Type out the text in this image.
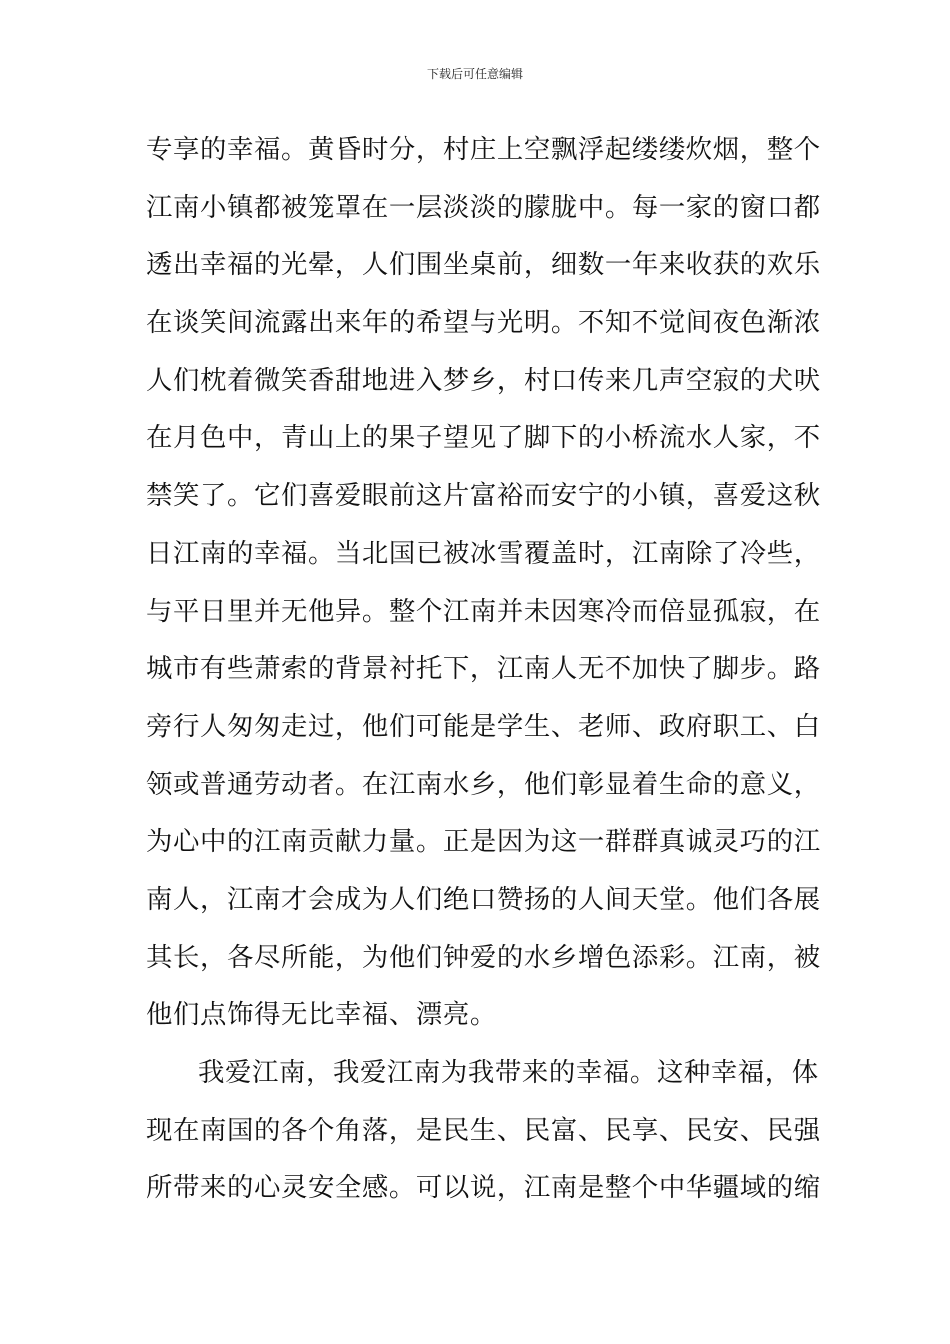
下载后可任意编辑
专享的幸福。黄昏时分，村庄上空飘浮起缕缕炊烟，整个
江南小镇都被笼罩在一层淡淡的朦胧中。每一家的窗口都
透出幸福的光晕，人们围坐桌前，细数一年来收获的欢乐
在谈笑间流露出来年的希望与光明。不知不觉间夜色渐浓
人们枕着微笑香甜地进入梦乡，村口传来几声空寂的犬吠
在月色中，青山上的果子望见了脚下的小桥流水人家，不
禁笑了。它们喜爱眼前这片富裕而安宁的小镇，喜爱这秋
日江南的幸福。当北国已被冰雪覆盖时，江南除了冷些，
与平日里并无他异。整个江南并未因寒冷而倍显孤寂，在
城市有些萧索的背景衬托下，江南人无不加快了脚步。路
旁行人匆匆走过，他们可能是学生、老师、政府职工、白
领或普通劳动者。在江南水乡，他们彰显着生命的意义，
为心中的江南贡献力量。正是因为这一群群真诚灵巧的江
南人，江南才会成为人们绝口赞扬的人间天堂。他们各展
其长，各尽所能，为他们钟爱的水乡增色添彩。江南，被
他们点饰得无比幸福、漂亮。
我爱江南，我爱江南为我带来的幸福。这种幸福，体
现在南国的各个角落，是民生、民富、民享、民安、民强
所带来的心灵安全感。可以说，江南是整个中华疆域的缩
